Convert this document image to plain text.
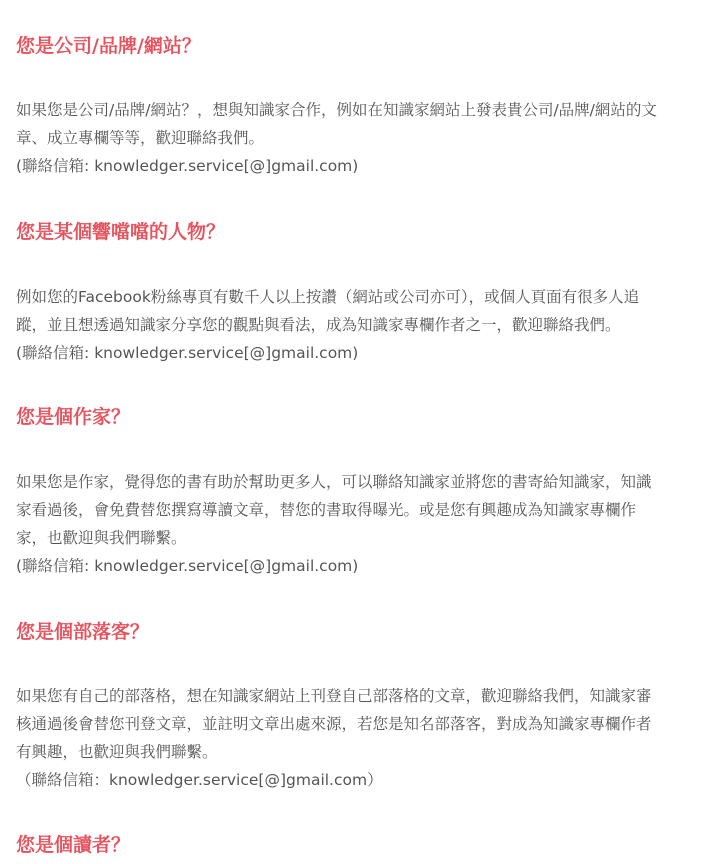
您是公司/品牌/網站？

如果您是公司/品牌/網站？，想與知識家合作，例如在知識家網站上發表貴公司/品牌/網站的文
章、成立專欄等等，歡迎聯絡我們。
(聯絡信箱: knowledger.service[@]gmail.com)

您是某個響噹噹的人物？

例如您的Facebook粉絲專頁有數千人以上按讚（網站或公司亦可），或個人頁面有很多人追
蹤，並且想透過知識家分享您的觀點與看法，成為知識家專欄作者之一，歡迎聯絡我們。
(聯絡信箱: knowledger.service[@]gmail.com)

您是個作家？

如果您是作家，覺得您的書有助於幫助更多人，可以聯絡知識家並將您的書寄給知識家，知識
家看過後，會免費替您撰寫導讀文章，替您的書取得曝光。或是您有興趣成為知識家專欄作
家，也歡迎與我們聯繫。
(聯絡信箱: knowledger.service[@]gmail.com)

您是個部落客？

如果您有自己的部落格，想在知識家網站上刊登自己部落格的文章，歡迎聯絡我們，知識家審
核通過後會替您刊登文章，並註明文章出處來源，若您是知名部落客，對成為知識家專欄作者
有興趣，也歡迎與我們聯繫。
（聯絡信箱：knowledger.service[@]gmail.com）

您是個讀者？
